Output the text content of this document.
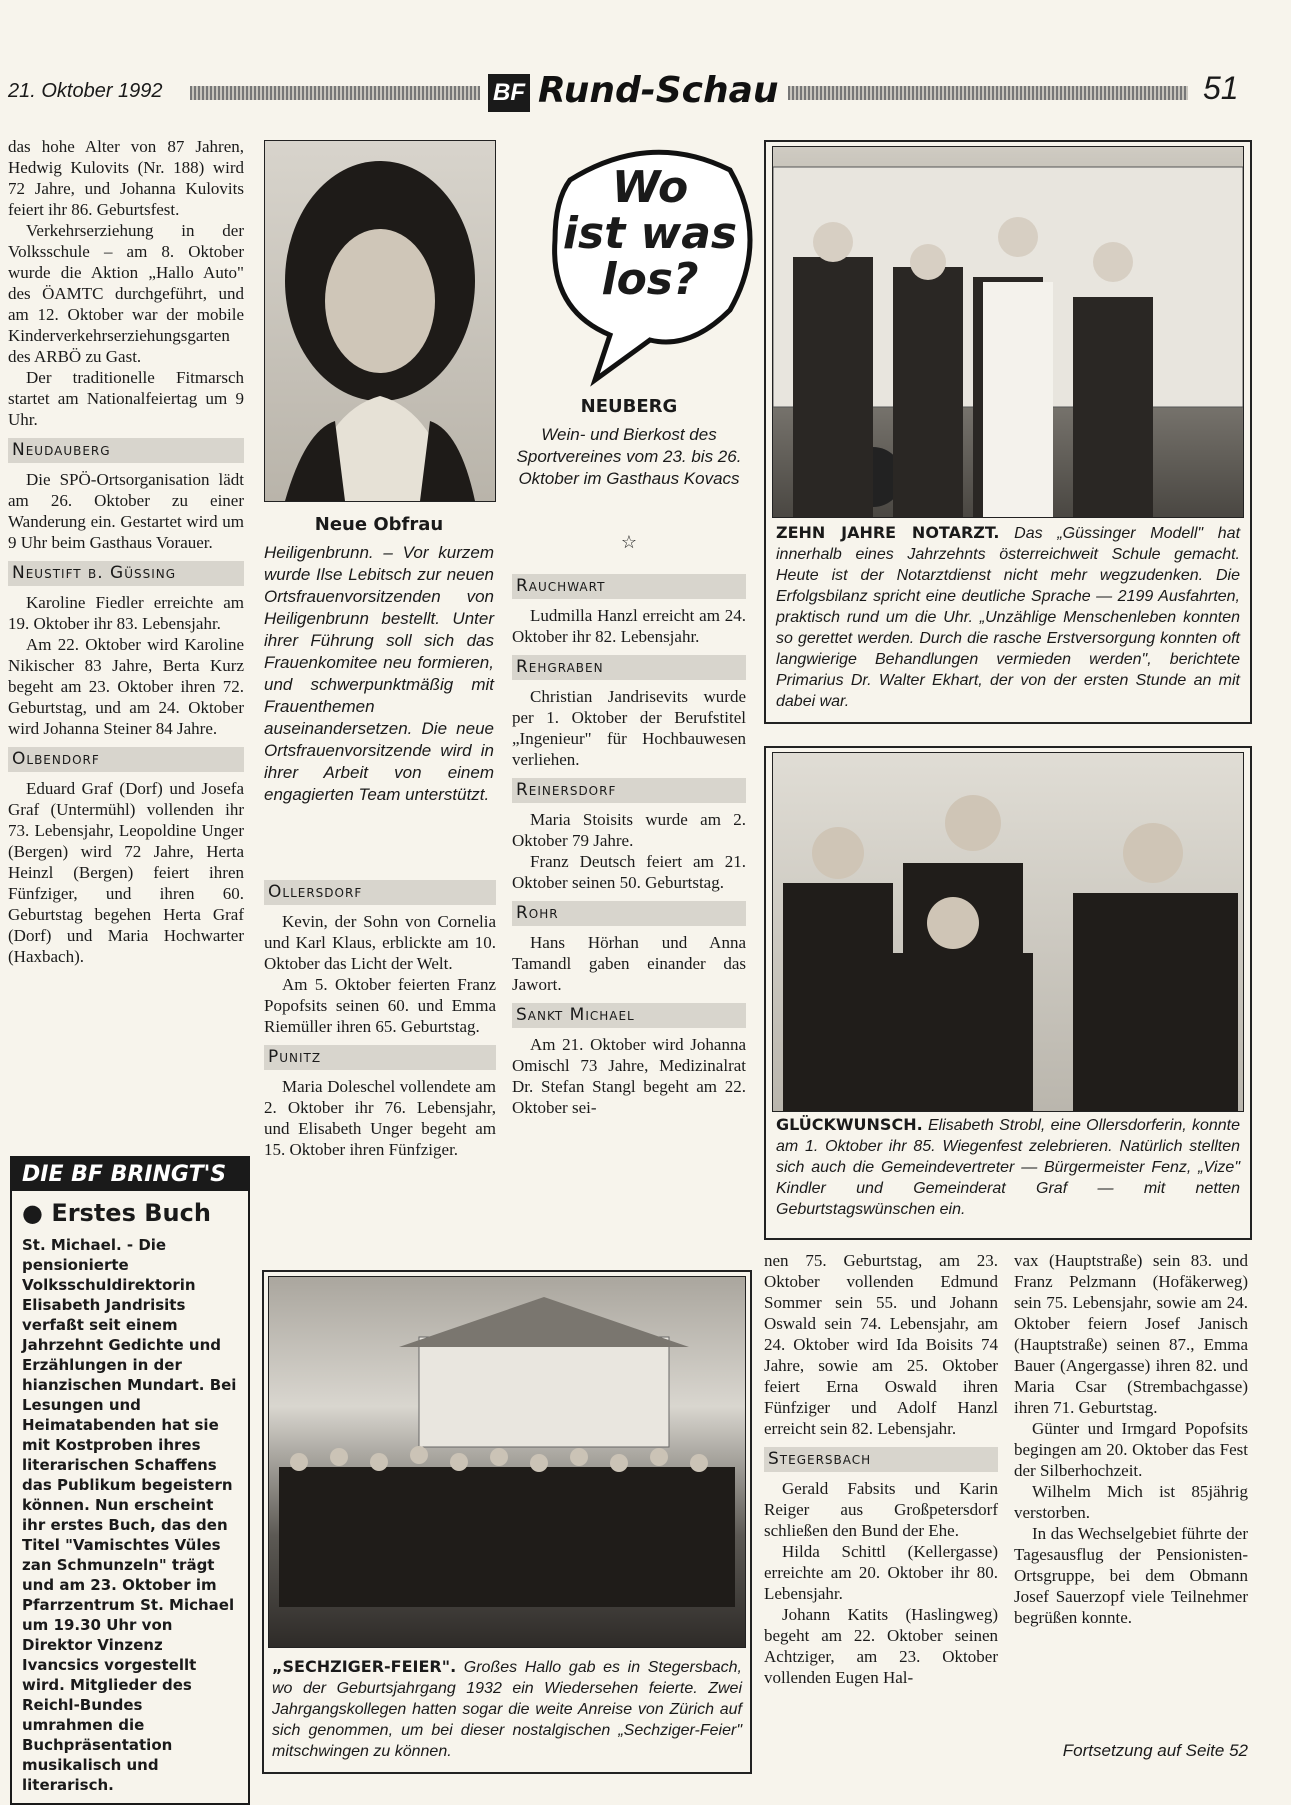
21. Oktober 1992	BF Rund-Schau	51

das hohe Alter von 87 Jahren, Hedwig Kulovits (Nr. 188) wird 72 Jahre, und Johanna Kulovits feiert ihr 86. Geburtsfest.

Verkehrserziehung in der Volksschule – am 8. Oktober wurde die Aktion „Hallo Auto" des ÖAMTC durchgeführt, und am 12. Oktober war der mobile Kinderverkehrserziehungsgarten des ARBÖ zu Gast.

Der traditionelle Fitmarsch startet am Nationalfeiertag um 9 Uhr.

Neudauberg

Die SPÖ-Ortsorganisation lädt am 26. Oktober zu einer Wanderung ein. Gestartet wird um 9 Uhr beim Gasthaus Vorauer.

Neustift b. Güssing

Karoline Fiedler erreichte am 19. Oktober ihr 83. Lebensjahr.

Am 22. Oktober wird Karoline Nikischer 83 Jahre, Berta Kurz begeht am 23. Oktober ihren 72. Geburtstag, und am 24. Oktober wird Johanna Steiner 84 Jahre.

Olbendorf

Eduard Graf (Dorf) und Josefa Graf (Untermühl) vollenden ihr 73. Lebensjahr, Leopoldine Unger (Bergen) wird 72 Jahre, Herta Heinzl (Bergen) feiert ihren Fünfziger, und ihren 60. Geburtstag begehen Herta Graf (Dorf) und Maria Hochwarter (Haxbach).

DIE BF BRINGT'S
● Erstes Buch
St. Michael. - Die pensionierte Volksschuldirektorin Elisabeth Jandrisits verfaßt seit einem Jahrzehnt Gedichte und Erzählungen in der hianzischen Mundart. Bei Lesungen und Heimatabenden hat sie mit Kostproben ihres literarischen Schaffens das Publikum begeistern können. Nun erscheint ihr erstes Buch, das den Titel "Vamischtes Vüles zan Schmunzeln" trägt und am 23. Oktober im Pfarrzentrum St. Michael um 19.30 Uhr von Direktor Vinzenz Ivancsics vorgestellt wird. Mitglieder des Reichl-Bundes umrahmen die Buchpräsentation musikalisch und literarisch.
Neue Obfrau
Heiligenbrunn. – Vor kurzem wurde Ilse Lebitsch zur neuen Ortsfrauenvorsitzenden von Heiligenbrunn bestellt. Unter ihrer Führung soll sich das Frauenkomitee neu formieren, und schwerpunktmäßig mit Frauenthemen auseinandersetzen. Die neue Ortsfrauenvorsitzende wird in ihrer Arbeit von einem engagierten Team unterstützt.
Ollersdorf

Kevin, der Sohn von Cornelia und Karl Klaus, erblickte am 10. Oktober das Licht der Welt.

Am 5. Oktober feierten Franz Popofsits seinen 60. und Emma Riemüller ihren 65. Geburtstag.

Punitz

Maria Doleschel vollendete am 2. Oktober ihr 76. Lebensjahr, und Elisabeth Unger begeht am 15. Oktober ihren Fünfziger.

Wo
ist was
los?
NEUBERG
Wein- und Bierkost des Sportvereines vom 23. bis 26. Oktober im Gasthaus Kovacs
☆
Rauchwart

Ludmilla Hanzl erreicht am 24. Oktober ihr 82. Lebensjahr.

Rehgraben

Christian Jandrisevits wurde per 1. Oktober der Berufstitel „Ingenieur" für Hochbauwesen verliehen.

Reinersdorf

Maria Stoisits wurde am 2. Oktober 79 Jahre.

Franz Deutsch feiert am 21. Oktober seinen 50. Geburtstag.

Rohr

Hans Hörhan und Anna Tamandl gaben einander das Jawort.

Sankt Michael

Am 21. Oktober wird Johanna Omischl 73 Jahre, Medizinalrat Dr. Stefan Stangl begeht am 22. Oktober sei-

ZEHN JAHRE NOTARZT. Das „Güssinger Modell" hat innerhalb eines Jahrzehnts österreichweit Schule gemacht. Heute ist der Notarztdienst nicht mehr wegzudenken. Die Erfolgsbilanz spricht eine deutliche Sprache — 2199 Ausfahrten, praktisch rund um die Uhr. „Unzählige Menschenleben konnten so gerettet werden. Durch die rasche Erstversorgung konnten oft langwierige Behandlungen vermieden werden", berichtete Primarius Dr. Walter Ekhart, der von der ersten Stunde an mit dabei war.
GLÜCKWUNSCH. Elisabeth Strobl, eine Ollersdorferin, konnte am 1. Oktober ihr 85. Wiegenfest zelebrieren. Natürlich stellten sich auch die Gemeindevertreter — Bürgermeister Fenz, „Vize" Kindler und Gemeinderat Graf — mit netten Geburtstagswünschen ein.
„SECHZIGER-FEIER". Großes Hallo gab es in Stegersbach, wo der Geburtsjahrgang 1932 ein Wiedersehen feierte. Zwei Jahrgangskollegen hatten sogar die weite Anreise von Zürich auf sich genommen, um bei dieser nostalgischen „Sechziger-Feier" mitschwingen zu können.

nen 75. Geburtstag, am 23. Oktober vollenden Edmund Sommer sein 55. und Johann Oswald sein 74. Lebensjahr, am 24. Oktober wird Ida Boisits 74 Jahre, sowie am 25. Oktober feiert Erna Oswald ihren Fünfziger und Adolf Hanzl erreicht sein 82. Lebensjahr.

Stegersbach

Gerald Fabsits und Karin Reiger aus Großpetersdorf schließen den Bund der Ehe.

Hilda Schittl (Kellergasse) erreichte am 20. Oktober ihr 80. Lebensjahr.

Johann Katits (Haslingweg) begeht am 22. Oktober seinen Achtziger, am 23. Oktober vollenden Eugen Hal-

vax (Hauptstraße) sein 83. und Franz Pelzmann (Hofäkerweg) sein 75. Lebensjahr, sowie am 24. Oktober feiern Josef Janisch (Hauptstraße) seinen 87., Emma Bauer (Angergasse) ihren 82. und Maria Csar (Strembachgasse) ihren 71. Geburtstag.

Günter und Irmgard Popofsits begingen am 20. Oktober das Fest der Silberhochzeit.

Wilhelm Mich ist 85jährig verstorben.

In das Wechselgebiet führte der Tagesausflug der Pensionisten-Ortsgruppe, bei dem Obmann Josef Sauerzopf viele Teilnehmer begrüßen konnte.

Fortsetzung auf Seite 52
